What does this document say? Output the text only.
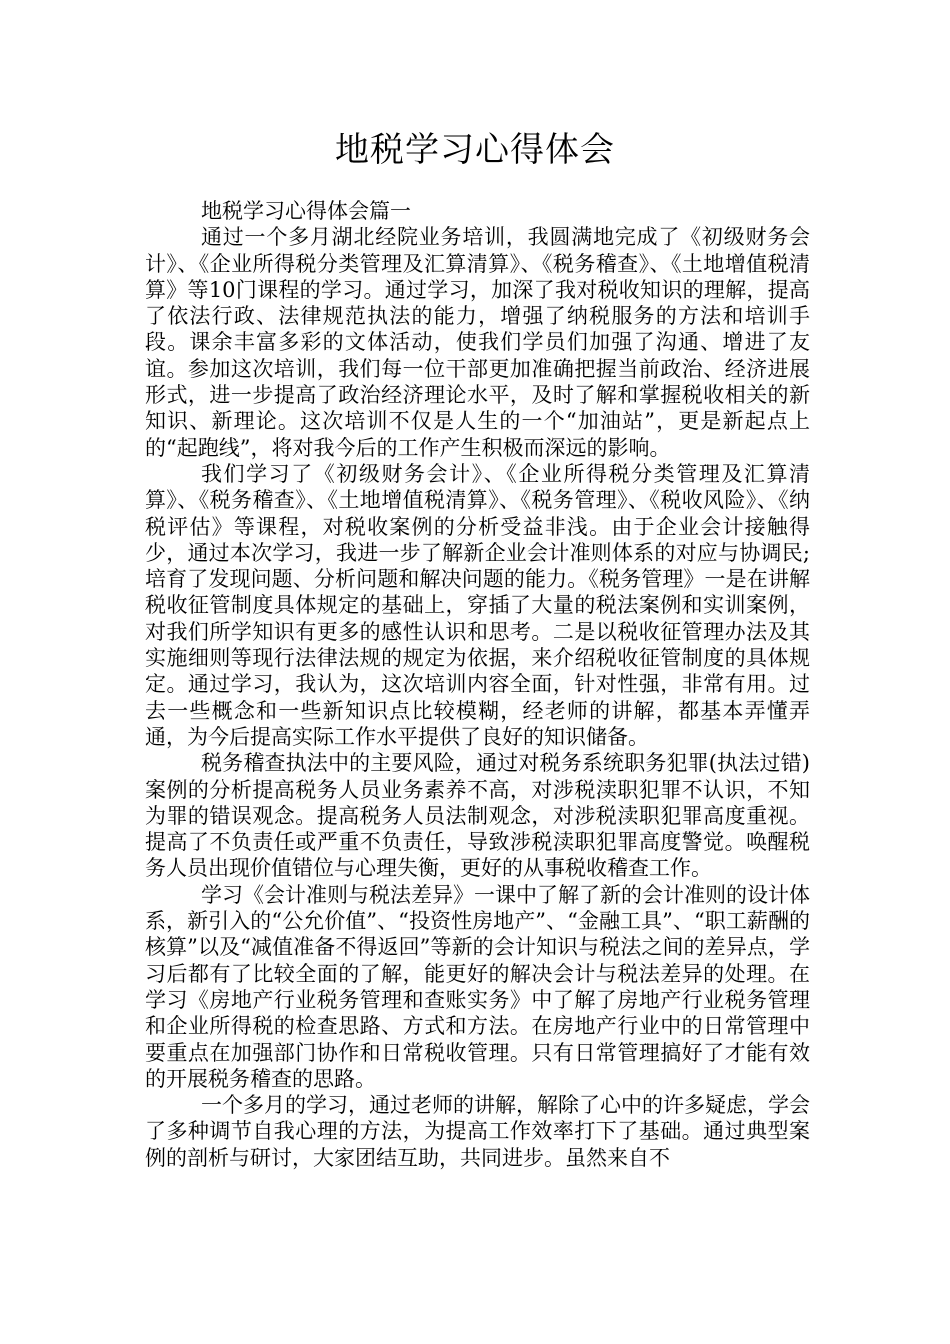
地税学习心得体会

地税学习心得体会篇一

通过一个多月湖北经院业务培训，我圆满地完成了《初级财务会计》、《企业所得税分类管理及汇算清算》、《税务稽查》、《土地增值税清算》等10门课程的学习。通过学习，加深了我对税收知识的理解，提高了依法行政、法律规范执法的能力，增强了纳税服务的方法和培训手段。课余丰富多彩的文体活动，使我们学员们加强了沟通、增进了友谊。参加这次培训，我们每一位干部更加准确把握当前政治、经济进展形式，进一步提高了政治经济理论水平，及时了解和掌握税收相关的新知识、新理论。这次培训不仅是人生的一个“加油站”，更是新起点上的“起跑线”，将对我今后的工作产生积极而深远的影响。

我们学习了《初级财务会计》、《企业所得税分类管理及汇算清算》、《税务稽查》、《土地增值税清算》、《税务管理》、《税收风险》、《纳税评估》等课程，对税收案例的分析受益非浅。由于企业会计接触得少，通过本次学习，我进一步了解新企业会计准则体系的对应与协调民;培育了发现问题、分析问题和解决问题的能力。《税务管理》一是在讲解税收征管制度具体规定的基础上，穿插了大量的税法案例和实训案例，对我们所学知识有更多的感性认识和思考。二是以税收征管理办法及其实施细则等现行法律法规的规定为依据，来介绍税收征管制度的具体规定。通过学习，我认为，这次培训内容全面，针对性强，非常有用。过去一些概念和一些新知识点比较模糊，经老师的讲解，都基本弄懂弄通，为今后提高实际工作水平提供了良好的知识储备。

税务稽查执法中的主要风险，通过对税务系统职务犯罪(执法过错)案例的分析提高税务人员业务素养不高，对涉税渎职犯罪不认识，不知为罪的错误观念。提高税务人员法制观念，对涉税渎职犯罪高度重视。提高了不负责任或严重不负责任，导致涉税渎职犯罪高度警觉。唤醒税务人员出现价值错位与心理失衡，更好的从事税收稽查工作。

学习《会计准则与税法差异》一课中了解了新的会计准则的设计体系，新引入的“公允价值”、“投资性房地产”、“金融工具”、“职工薪酬的核算”以及“减值准备不得返回”等新的会计知识与税法之间的差异点，学习后都有了比较全面的了解，能更好的解决会计与税法差异的处理。在学习《房地产行业税务管理和查账实务》中了解了房地产行业税务管理和企业所得税的检查思路、方式和方法。在房地产行业中的日常管理中要重点在加强部门协作和日常税收管理。只有日常管理搞好了才能有效的开展税务稽查的思路。

一个多月的学习，通过老师的讲解，解除了心中的许多疑虑，学会了多种调节自我心理的方法，为提高工作效率打下了基础。通过典型案例的剖析与研讨，大家团结互助，共同进步。虽然来自不
